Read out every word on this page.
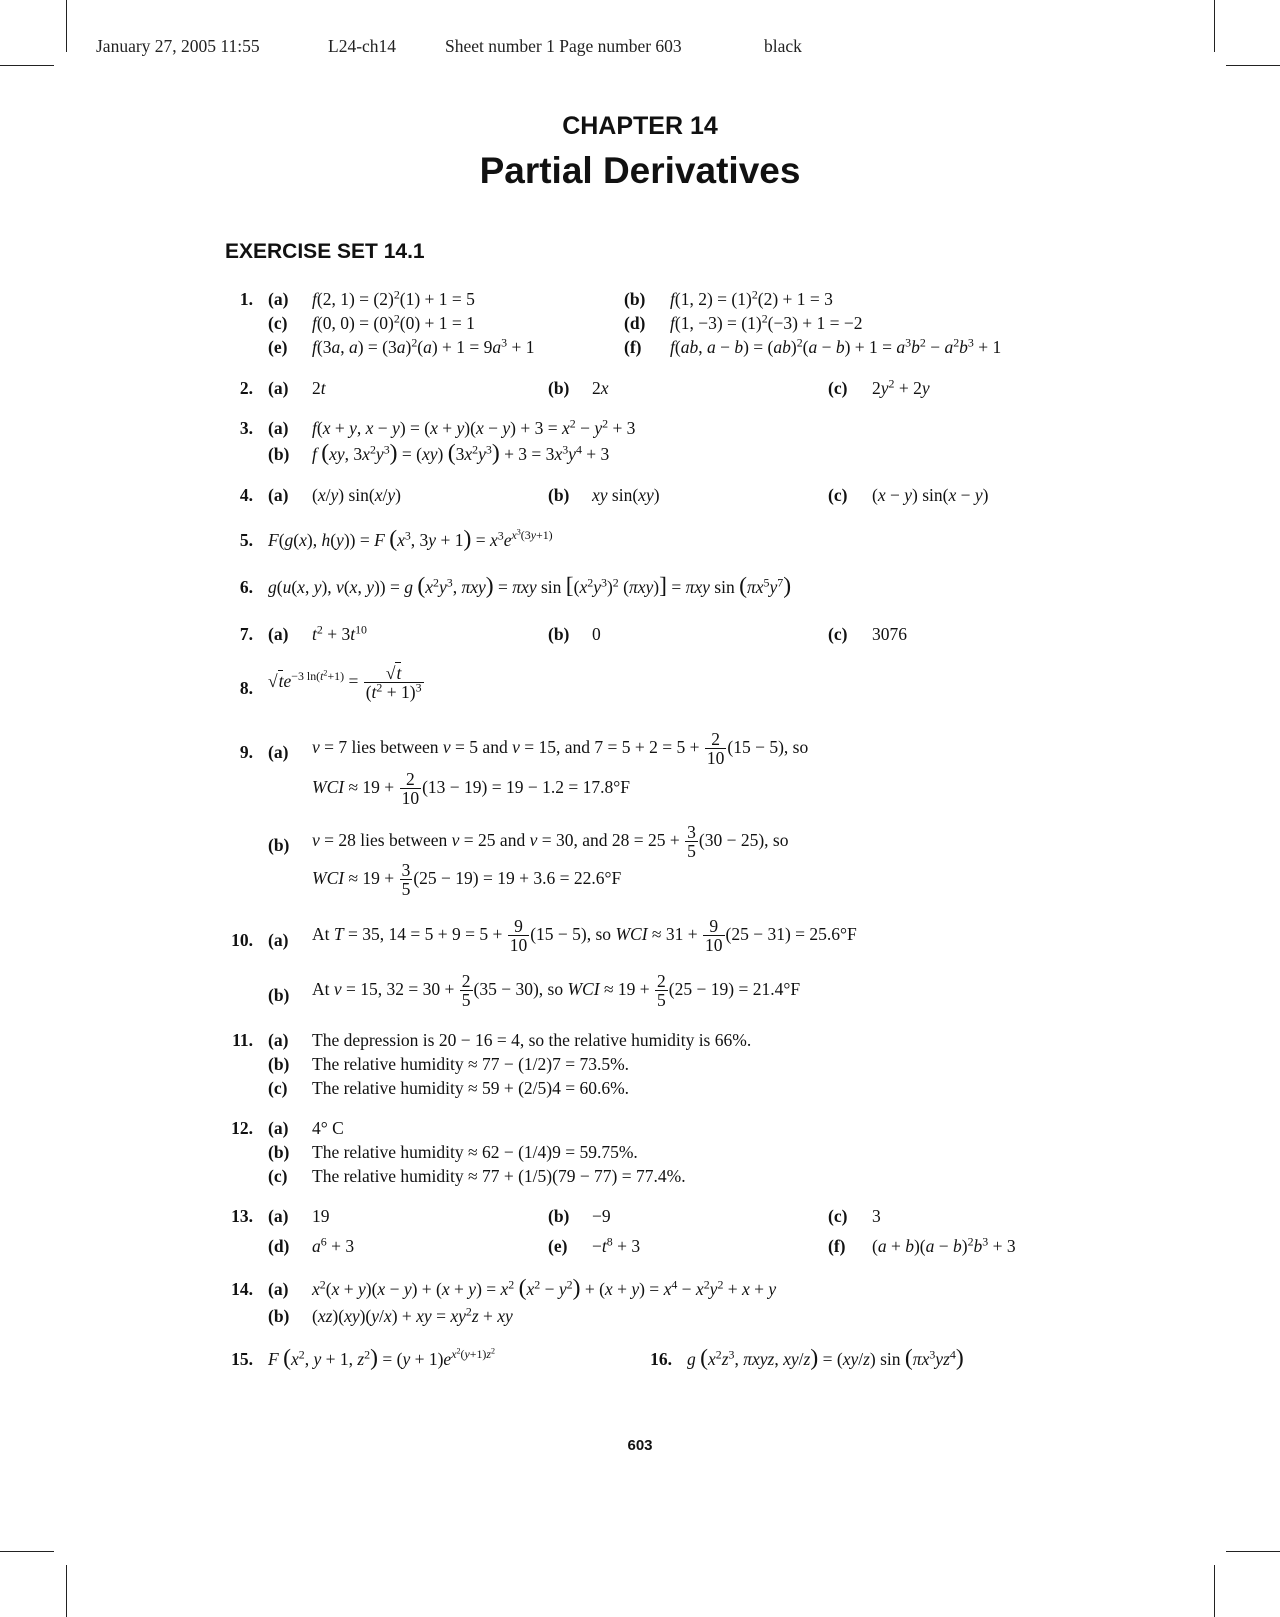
January 27, 2005 11:55	L24-ch14	Sheet number 1 Page number 603	black
CHAPTER 14
Partial Derivatives
EXERCISE SET 14.1
1. (a) f(2, $1) = (2)^2(1) + 1 = 5$	(b) f(1, $2) = (1)^2(2) + 1 = 3$
(c) f(0, $0) = (0)^2(0) + 1 = 1$	(d) f(1, $-3) = (1)^2(-3) + 1 = -2$
(e) f(3a, $a) = (3a)^2(a) + 1 = 9a^3 + 1$	(f) f(ab, $a - b) = (ab)^2(a - b) + 1 = a^3b^2 - a^2b^3 + 1$
2. (a) 2t	(b) 2x	(c) $2y^2 + 2y$
3. (a) f(x + y, $x - y) = (x + y)(x - y) + 3 = x^2 - y^2 + 3$
(b) f (xy, $3x^2y^3) = (xy)$ $(3x^2y^3) + 3 = 3x^3y^4 + 3$
4. (a) (x/y) sin(x/y)	(b) xy sin(xy)	(c) (x − y) sin(x − y)
5. F(g(x), h(y)) = F ($x^3$, $3y + 1) = x^3e^{x^3(3y+1)}$
6. g(u(x, y), v(x, y)) = g ($x^2y^3$, πxy) = πxy $\sin [(x^2y^3)^2$ (πxy)] = πxy $\sin (\pi x^5y^7)$
7. (a) $t^2 + 3t^{10}$	(b) 0	(c) 3076
8. $√te^{-3 ln(t^2+1)} = \frac{√t}{(t^2 + 1)^3}$
9. (a) v = 7 lies between v = 5 and v = 15, and $7 = 5 + 2 = 5 + \frac{2}{10} (15 - 5)$, so
WCI ≈ $19 + \frac{2}{10} (13 - 19) = 19 - 1.2 = 17.8^\circ F$
(b) v = 28 lies between v = 25 and v = 30, and $28 = 25 + \frac{3}{5} (30 - 25)$, so
WCI ≈ $19 + \frac{3}{5} (25 - 19) = 19 + 3.6 = 22.6^\circ F$
10. (a) At T = 35, $14 = 5 + 9 = 5 + \frac{9}{10} (15 - 5)$, so WCI ≈ $31 + \frac{9}{10} (25 - 31) = 25.6^\circ F$
(b) At v = 15, $32 = 30 + \frac{2}{5} (35 - 30)$, so WCI ≈ $19 + \frac{2}{5} (25 - 19) = 21.4^\circ F$
11. (a) The depression is 20 − 16 = 4, so the relative humidity is 66%.
(b) The relative humidity ≈ 77 − (1/2)7 = 73.5%.
(c) The relative humidity ≈ 59 + (2/5)4 = 60.6%.
12. (a) 4° C
(b) The relative humidity ≈ 62 − (1/4)9 = 59.75%.
(c) The relative humidity ≈ 77 + (1/5)(79 − 77) = 77.4%.
13. (a) 19	(b) −9	(c) 3
(d) $a^6 + 3$	$(e) -t^8 + 3$	(f) $(a + b)(a - b)^2b^3 + 3$
14. (a) $x^2(x + y)(x - y) + (x + y) = x^2$ $(x^2 - y^2) + (x + y) = x^4 - x^2y^2 + x + y$
(b) (xz)(xy)(y/x) + xy = $xy^2z$ + xy
15. F ($x^2$, y + 1, $z^2) = (y + 1)e^{x^2(y+1)z^2}$	16. g ($x^2z^3$, πxyz, xy/z) = (xy/z) $\sin (\pi x^3yz^4)$
603
